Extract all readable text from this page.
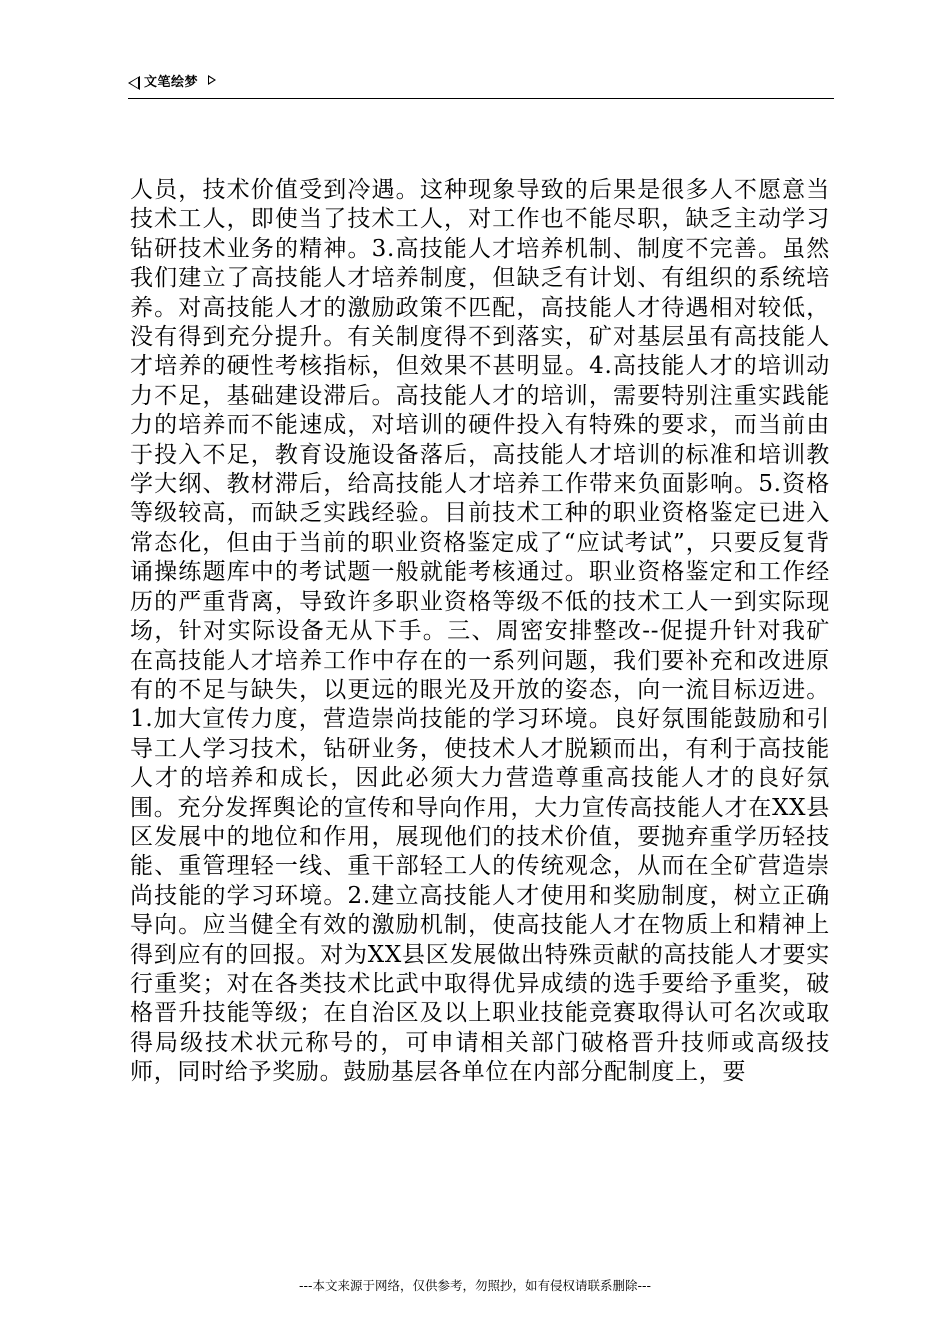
文笔绘梦

人员，技术价值受到冷遇。这种现象导致的后果是很多人不愿意当技术工人，即使当了技术工人，对工作也不能尽职，缺乏主动学习钻研技术业务的精神。3.高技能人才培养机制、制度不完善。虽然我们建立了高技能人才培养制度，但缺乏有计划、有组织的系统培养。对高技能人才的激励政策不匹配，高技能人才待遇相对较低，没有得到充分提升。有关制度得不到落实，矿对基层虽有高技能人才培养的硬性考核指标，但效果不甚明显。4.高技能人才的培训动力不足，基础建设滞后。高技能人才的培训，需要特别注重实践能力的培养而不能速成，对培训的硬件投入有特殊的要求，而当前由于投入不足，教育设施设备落后，高技能人才培训的标准和培训教学大纲、教材滞后，给高技能人才培养工作带来负面影响。5.资格等级较高，而缺乏实践经验。目前技术工种的职业资格鉴定已进入常态化，但由于当前的职业资格鉴定成了“应试考试”，只要反复背诵操练题库中的考试题一般就能考核通过。职业资格鉴定和工作经历的严重背离，导致许多职业资格等级不低的技术工人一到实际现场，针对实际设备无从下手。三、周密安排整改--促提升针对我矿在高技能人才培养工作中存在的一系列问题，我们要补充和改进原有的不足与缺失，以更远的眼光及开放的姿态，向一流目标迈进。1.加大宣传力度，营造崇尚技能的学习环境。良好氛围能鼓励和引导工人学习技术，钻研业务，使技术人才脱颖而出，有利于高技能人才的培养和成长，因此必须大力营造尊重高技能人才的良好氛围。充分发挥舆论的宣传和导向作用，大力宣传高技能人才在XX县区发展中的地位和作用，展现他们的技术价值，要抛弃重学历轻技能、重管理轻一线、重干部轻工人的传统观念，从而在全矿营造崇尚技能的学习环境。2.建立高技能人才使用和奖励制度，树立正确导向。应当健全有效的激励机制，使高技能人才在物质上和精神上得到应有的回报。对为XX县区发展做出特殊贡献的高技能人才要实行重奖；对在各类技术比武中取得优异成绩的选手要给予重奖，破格晋升技能等级；在自治区及以上职业技能竞赛取得认可名次或取得局级技术状元称号的，可申请相关部门破格晋升技师或高级技师，同时给予奖励。鼓励基层各单位在内部分配制度上，要

---本文来源于网络，仅供参考，勿照抄，如有侵权请联系删除---
